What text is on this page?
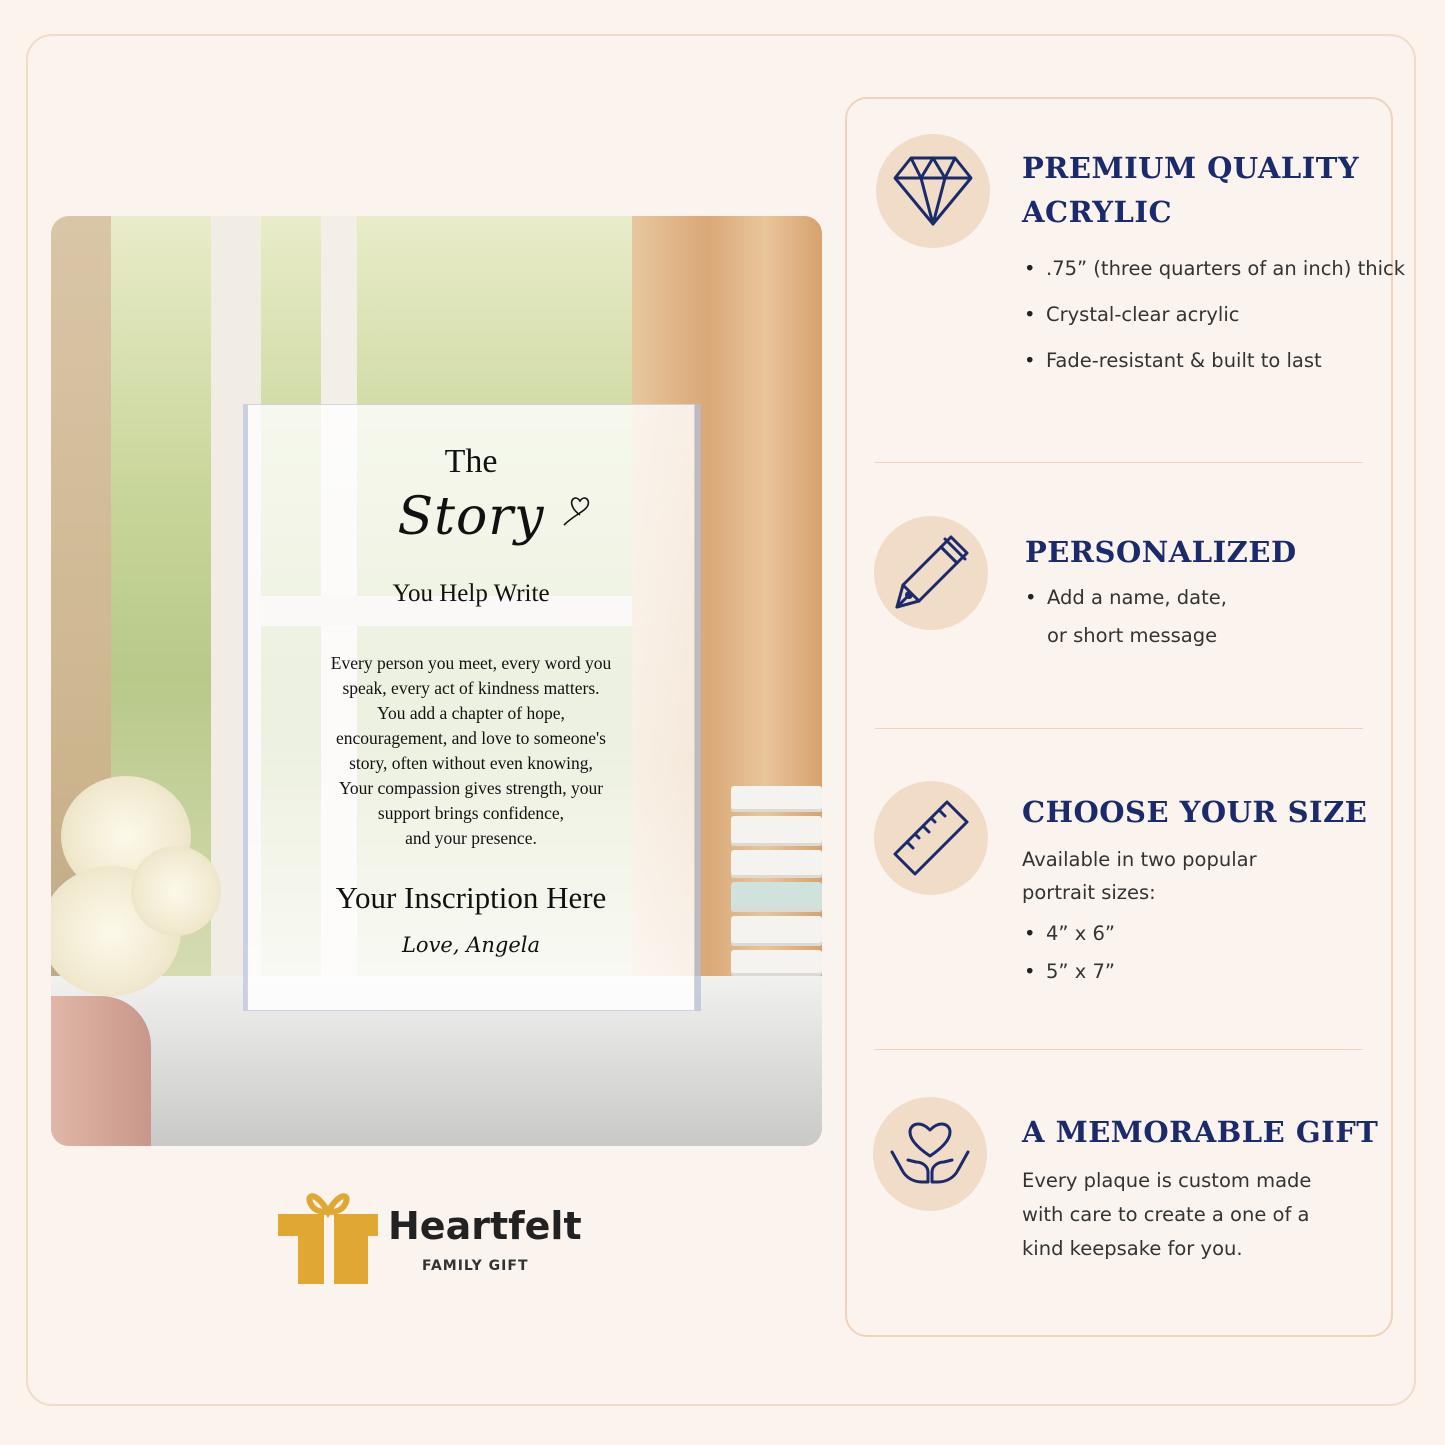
The
Story
You Help Write
Every person you meet, every word you
speak, every act of kindness matters.
You add a chapter of hope,
encouragement, and love to someone's
story, often without even knowing,
Your compassion gives strength, your
support brings confidence,
and your presence.
Your Inscription Here
Love, Angela
Heartfelt
FAMILY GIFT
PREMIUM QUALITY
ACRYLIC
• .75” (three quarters of an inch) thick
• Crystal-clear acrylic
• Fade-resistant & built to last
PERSONALIZED
• Add a name, date,
or short message
CHOOSE YOUR SIZE
Available in two popular
portrait sizes:
• 4” x 6”
• 5” x 7”
A MEMORABLE GIFT
Every plaque is custom made
with care to create a one of a
kind keepsake for you.
